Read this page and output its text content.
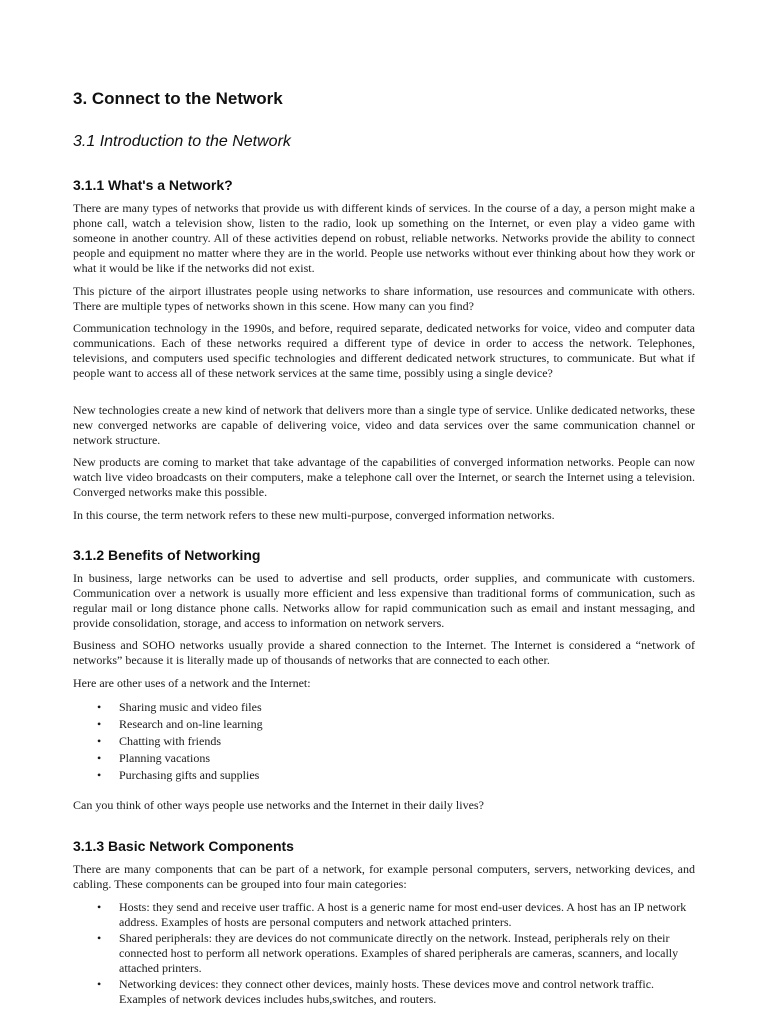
3. Connect to the Network
3.1 Introduction to the Network
3.1.1 What's a Network?

There are many types of networks that provide us with different kinds of services. In the course of a day, a person might make a phone call, watch a television show, listen to the radio, look up something on the Internet, or even play a video game with someone in another country. All of these activities depend on robust, reliable networks. Networks provide the ability to connect people and equipment no matter where they are in the world. People use networks without ever thinking about how they work or what it would be like if the networks did not exist.

This picture of the airport illustrates people using networks to share information, use resources and communicate with others. There are multiple types of networks shown in this scene. How many can you find?

Communication technology in the 1990s, and before, required separate, dedicated networks for voice, video and computer data communications. Each of these networks required a different type of device in order to access the network. Telephones, televisions, and computers used specific technologies and different dedicated network structures, to communicate. But what if people want to access all of these network services at the same time, possibly using a single device?

New technologies create a new kind of network that delivers more than a single type of service. Unlike dedicated networks, these new converged networks are capable of delivering voice, video and data services over the same communication channel or network structure.

New products are coming to market that take advantage of the capabilities of converged information networks. People can now watch live video broadcasts on their computers, make a telephone call over the Internet, or search the Internet using a television. Converged networks make this possible.

In this course, the term network refers to these new multi-purpose, converged information networks.

3.1.2 Benefits of Networking

In business, large networks can be used to advertise and sell products, order supplies, and communicate with customers. Communication over a network is usually more efficient and less expensive than traditional forms of communication, such as regular mail or long distance phone calls. Networks allow for rapid communication such as email and instant messaging, and provide consolidation, storage, and access to information on network servers.

Business and SOHO networks usually provide a shared connection to the Internet. The Internet is considered a “network of networks” because it is literally made up of thousands of networks that are connected to each other.

Here are other uses of a network and the Internet:

• Sharing music and video files
• Research and on-line learning
• Chatting with friends
• Planning vacations
• Purchasing gifts and supplies

Can you think of other ways people use networks and the Internet in their daily lives?

3.1.3 Basic Network Components

There are many components that can be part of a network, for example personal computers, servers, networking devices, and cabling. These components can be grouped into four main categories:

• Hosts: they send and receive user traffic. A host is a generic name for most end-user devices. A host has an IP network address. Examples of hosts are personal computers and network attached printers.
• Shared peripherals: they are devices do not communicate directly on the network. Instead, peripherals rely on their connected host to perform all network operations. Examples of shared peripherals are cameras, scanners, and locally attached printers.
• Networking devices: they connect other devices, mainly hosts. These devices move and control network traffic. Examples of network devices includes hubs,switches, and routers.
